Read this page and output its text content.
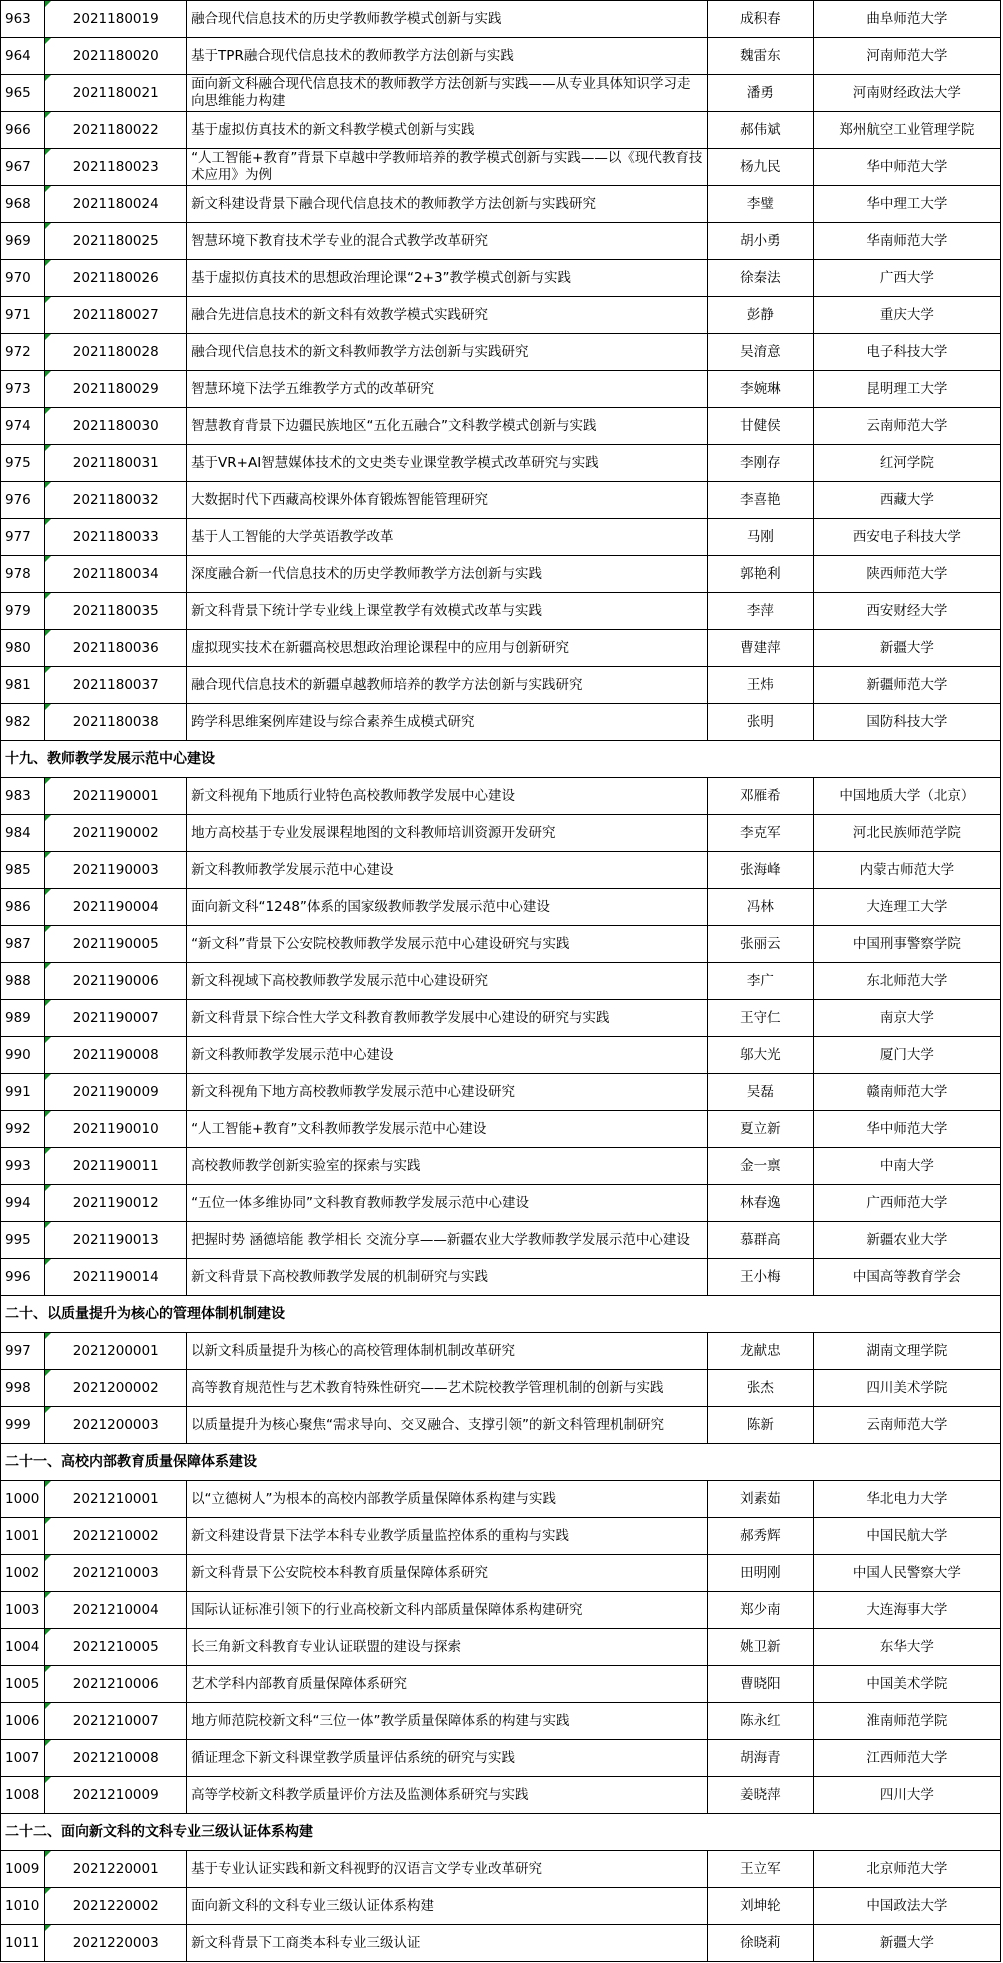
963	2021180019	融合现代信息技术的历史学教师教学模式创新与实践	成积春	曲阜师范大学
964	2021180020	基于TPR融合现代信息技术的教师教学方法创新与实践	魏雷东	河南师范大学
965	2021180021	面向新文科融合现代信息技术的教师教学方法创新与实践——从专业具体知识学习走向思维能力构建	潘勇	河南财经政法大学
966	2021180022	基于虚拟仿真技术的新文科教学模式创新与实践	郝伟斌	郑州航空工业管理学院
967	2021180023	“人工智能+教育”背景下卓越中学教师培养的教学模式创新与实践——以《现代教育技术应用》为例	杨九民	华中师范大学
968	2021180024	新文科建设背景下融合现代信息技术的教师教学方法创新与实践研究	李璧	华中理工大学
969	2021180025	智慧环境下教育技术学专业的混合式教学改革研究	胡小勇	华南师范大学
970	2021180026	基于虚拟仿真技术的思想政治理论课“2+3”教学模式创新与实践	徐秦法	广西大学
971	2021180027	融合先进信息技术的新文科有效教学模式实践研究	彭静	重庆大学
972	2021180028	融合现代信息技术的新文科教师教学方法创新与实践研究	吴淯意	电子科技大学
973	2021180029	智慧环境下法学五维教学方式的改革研究	李婉琳	昆明理工大学
974	2021180030	智慧教育背景下边疆民族地区“五化五融合”文科教学模式创新与实践	甘健侯	云南师范大学
975	2021180031	基于VR+AI智慧媒体技术的文史类专业课堂教学模式改革研究与实践	李刚存	红河学院
976	2021180032	大数据时代下西藏高校课外体育锻炼智能管理研究	李喜艳	西藏大学
977	2021180033	基于人工智能的大学英语教学改革	马刚	西安电子科技大学
978	2021180034	深度融合新一代信息技术的历史学教师教学方法创新与实践	郭艳利	陕西师范大学
979	2021180035	新文科背景下统计学专业线上课堂教学有效模式改革与实践	李萍	西安财经大学
980	2021180036	虚拟现实技术在新疆高校思想政治理论课程中的应用与创新研究	曹建萍	新疆大学
981	2021180037	融合现代信息技术的新疆卓越教师培养的教学方法创新与实践研究	王炜	新疆师范大学
982	2021180038	跨学科思维案例库建设与综合素养生成模式研究	张明	国防科技大学
十九、教师教学发展示范中心建设				
983	2021190001	新文科视角下地质行业特色高校教师教学发展中心建设	邓雁希	中国地质大学（北京）
984	2021190002	地方高校基于专业发展课程地图的文科教师培训资源开发研究	李克军	河北民族师范学院
985	2021190003	新文科教师教学发展示范中心建设	张海峰	内蒙古师范大学
986	2021190004	面向新文科“1248”体系的国家级教师教学发展示范中心建设	冯林	大连理工大学
987	2021190005	“新文科”背景下公安院校教师教学发展示范中心建设研究与实践	张丽云	中国刑事警察学院
988	2021190006	新文科视域下高校教师教学发展示范中心建设研究	李广	东北师范大学
989	2021190007	新文科背景下综合性大学文科教育教师教学发展中心建设的研究与实践	王守仁	南京大学
990	2021190008	新文科教师教学发展示范中心建设	邬大光	厦门大学
991	2021190009	新文科视角下地方高校教师教学发展示范中心建设研究	吴磊	赣南师范大学
992	2021190010	“人工智能+教育”文科教师教学发展示范中心建设	夏立新	华中师范大学
993	2021190011	高校教师教学创新实验室的探索与实践	金一禀	中南大学
994	2021190012	“五位一体多维协同”文科教育教师教学发展示范中心建设	林春逸	广西师范大学
995	2021190013	把握时势 涵德培能 教学相长 交流分享——新疆农业大学教师教学发展示范中心建设	慕群高	新疆农业大学
996	2021190014	新文科背景下高校教师教学发展的机制研究与实践	王小梅	中国高等教育学会
二十、以质量提升为核心的管理体制机制建设				
997	2021200001	以新文科质量提升为核心的高校管理体制机制改革研究	龙献忠	湖南文理学院
998	2021200002	高等教育规范性与艺术教育特殊性研究——艺术院校教学管理机制的创新与实践	张杰	四川美术学院
999	2021200003	以质量提升为核心聚焦“需求导向、交叉融合、支撑引领”的新文科管理机制研究	陈新	云南师范大学
二十一、高校内部教育质量保障体系建设				
1000	2021210001	以“立德树人”为根本的高校内部教学质量保障体系构建与实践	刘素茹	华北电力大学
1001	2021210002	新文科建设背景下法学本科专业教学质量监控体系的重构与实践	郝秀辉	中国民航大学
1002	2021210003	新文科背景下公安院校本科教育质量保障体系研究	田明刚	中国人民警察大学
1003	2021210004	国际认证标准引领下的行业高校新文科内部质量保障体系构建研究	郑少南	大连海事大学
1004	2021210005	长三角新文科教育专业认证联盟的建设与探索	姚卫新	东华大学
1005	2021210006	艺术学科内部教育质量保障体系研究	曹晓阳	中国美术学院
1006	2021210007	地方师范院校新文科“三位一体”教学质量保障体系的构建与实践	陈永红	淮南师范学院
1007	2021210008	循证理念下新文科课堂教学质量评估系统的研究与实践	胡海青	江西师范大学
1008	2021210009	高等学校新文科教学质量评价方法及监测体系研究与实践	姜晓萍	四川大学
二十二、面向新文科的文科专业三级认证体系构建				
1009	2021220001	基于专业认证实践和新文科视野的汉语言文学专业改革研究	王立军	北京师范大学
1010	2021220002	面向新文科的文科专业三级认证体系构建	刘坤轮	中国政法大学
1011	2021220003	新文科背景下工商类本科专业三级认证	徐晓莉	新疆大学
